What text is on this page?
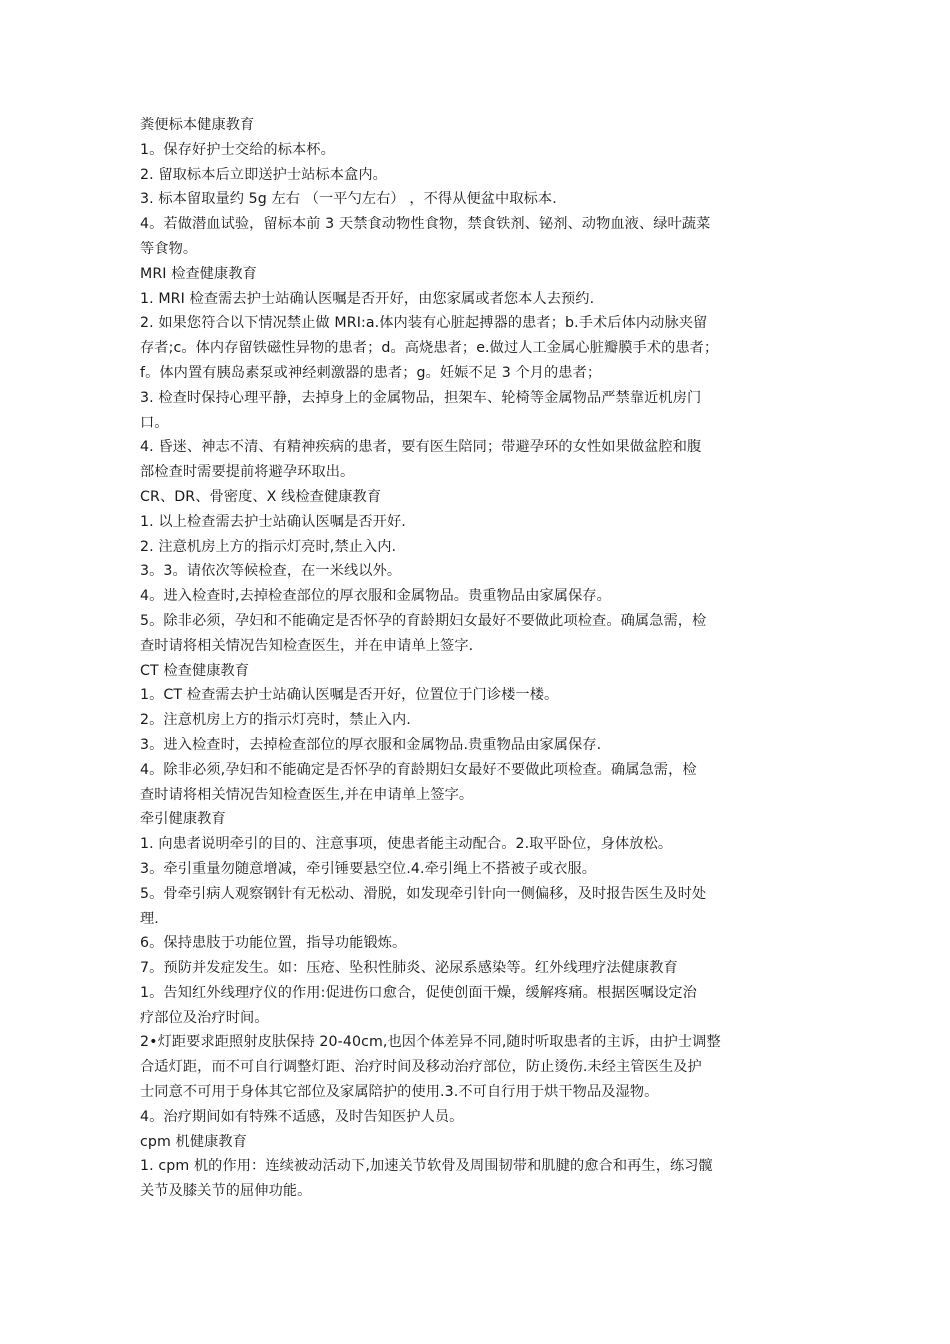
粪便标本健康教育
1。保存好护士交给的标本杯。
2. 留取标本后立即送护士站标本盒内。
3. 标本留取量约 5g 左右 （一平勺左右） ，不得从便盆中取标本.
4。若做潜血试验，留标本前 3 天禁食动物性食物，禁食铁剂、铋剂、动物血液、绿叶蔬菜
等食物。
MRI 检查健康教育
1. MRI 检查需去护士站确认医嘱是否开好，由您家属或者您本人去预约.
2. 如果您符合以下情况禁止做 MRI:a.体内装有心脏起搏器的患者；b.手术后体内动脉夹留
存者;c。体内存留铁磁性异物的患者；d。高烧患者；e.做过人工金属心脏瓣膜手术的患者；
f。体内置有胰岛素泵或神经刺激器的患者；g。妊娠不足 3 个月的患者；
3. 检查时保持心理平静，去掉身上的金属物品，担架车、轮椅等金属物品严禁靠近机房门
口。
4. 昏迷、神志不清、有精神疾病的患者，要有医生陪同；带避孕环的女性如果做盆腔和腹
部检查时需要提前将避孕环取出。
CR、DR、骨密度、X 线检查健康教育
1. 以上检查需去护士站确认医嘱是否开好.
2. 注意机房上方的指示灯亮时,禁止入内.
3。3。请依次等候检查，在一米线以外。
4。进入检查时,去掉检查部位的厚衣服和金属物品。贵重物品由家属保存。
5。除非必须，孕妇和不能确定是否怀孕的育龄期妇女最好不要做此项检查。确属急需，检
查时请将相关情况告知检查医生，并在申请单上签字.
CT 检查健康教育
1。CT 检查需去护士站确认医嘱是否开好，位置位于门诊楼一楼。
2。注意机房上方的指示灯亮时，禁止入内.
3。进入检查时，去掉检查部位的厚衣服和金属物品.贵重物品由家属保存.
4。除非必须,孕妇和不能确定是否怀孕的育龄期妇女最好不要做此项检查。确属急需，检
查时请将相关情况告知检查医生,并在申请单上签字。
牵引健康教育
1. 向患者说明牵引的目的、注意事项，使患者能主动配合。2.取平卧位，身体放松。
3。牵引重量勿随意增减，牵引锤要悬空位.4.牵引绳上不搭被子或衣服。
5。骨牵引病人观察钢针有无松动、滑脱，如发现牵引针向一侧偏移，及时报告医生及时处
理.
6。保持患肢于功能位置，指导功能锻炼。
7。预防并发症发生。如：压疮、坠积性肺炎、泌尿系感染等。红外线理疗法健康教育
1。告知红外线理疗仪的作用:促进伤口愈合，促使创面干燥，缓解疼痛。根据医嘱设定治
疗部位及治疗时间。
2•灯距要求距照射皮肤保持 20-40cm,也因个体差异不同,随时听取患者的主诉，由护士调整
合适灯距，而不可自行调整灯距、治疗时间及移动治疗部位，防止烫伤.未经主管医生及护
士同意不可用于身体其它部位及家属陪护的使用.3.不可自行用于烘干物品及湿物。
4。治疗期间如有特殊不适感，及时告知医护人员。
cpm 机健康教育
1. cpm 机的作用：连续被动活动下,加速关节软骨及周围韧带和肌腱的愈合和再生，练习髋
关节及膝关节的屈伸功能。
